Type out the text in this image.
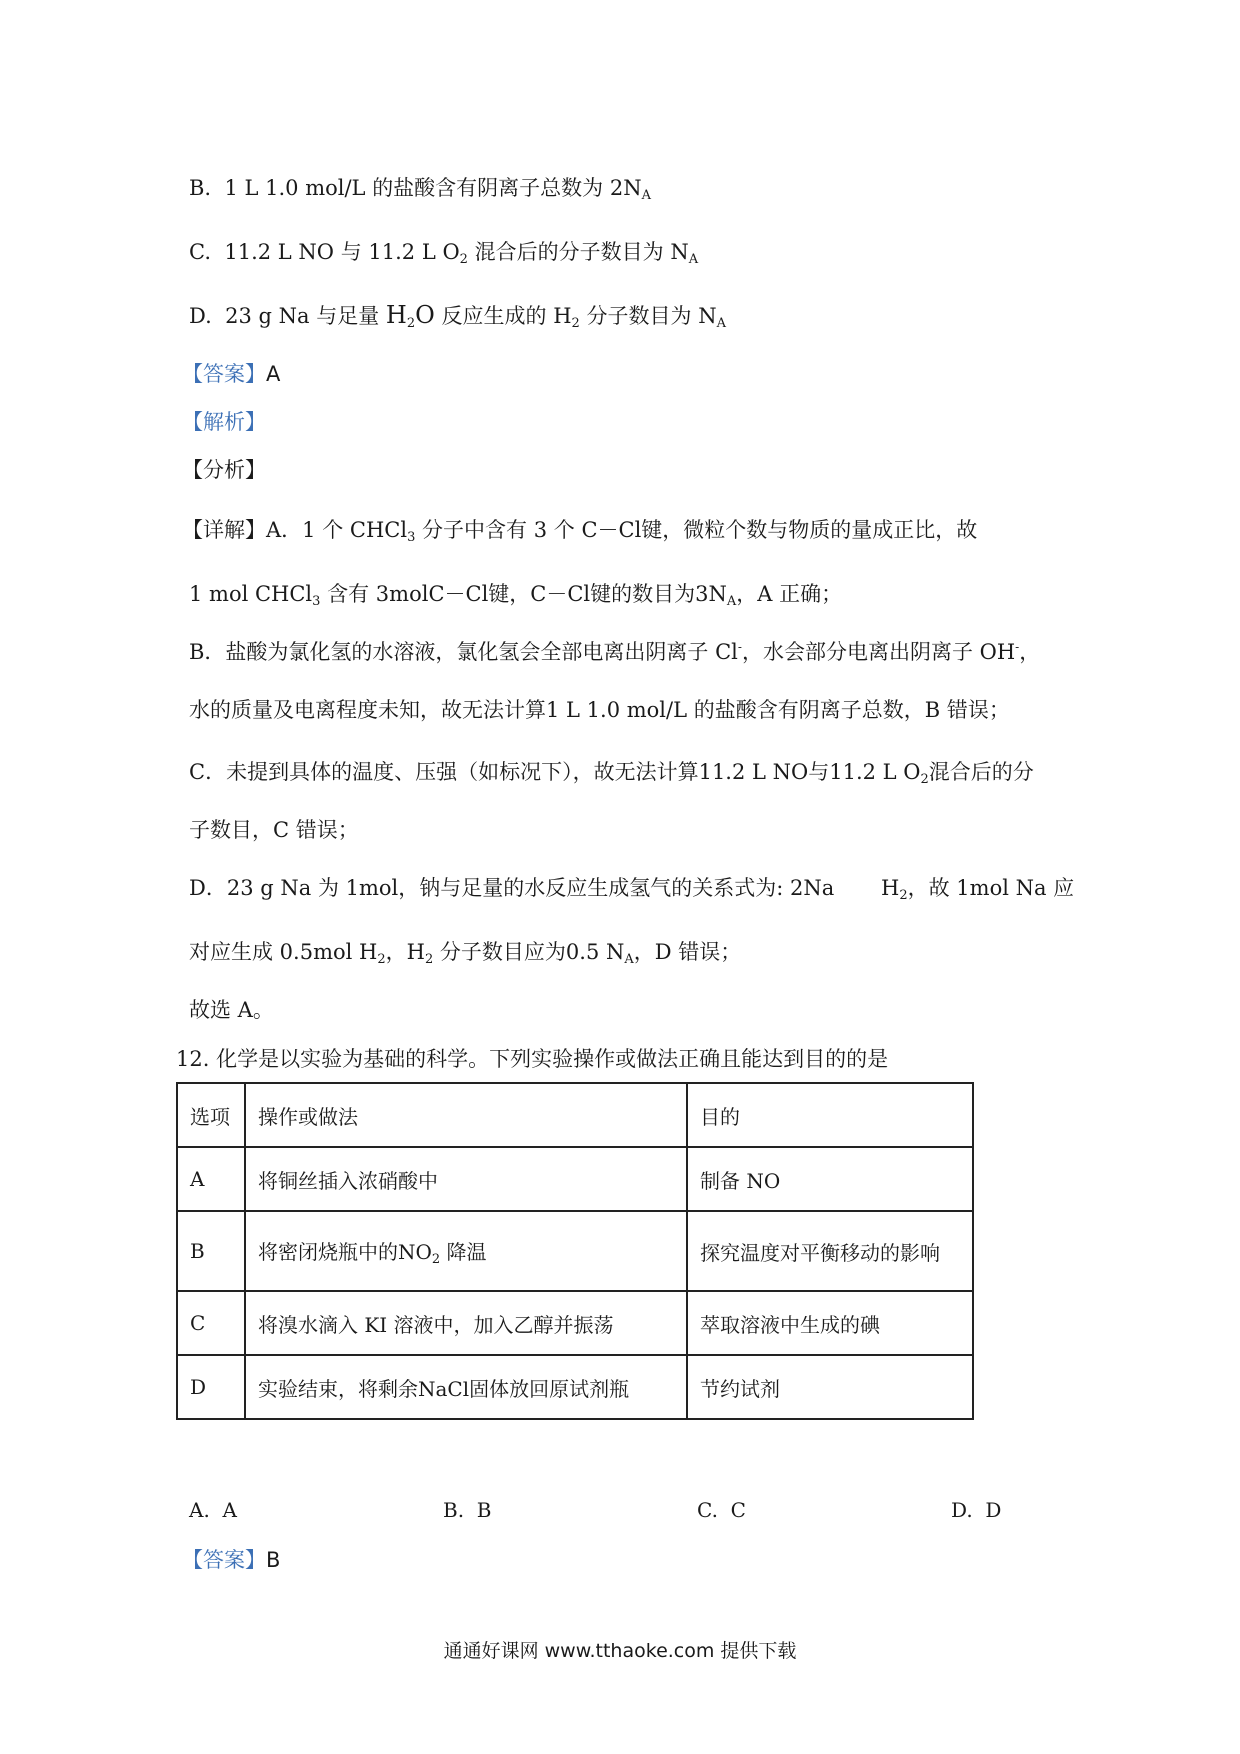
B. 1 L 1.0 mol/L 的盐酸含有阴离子总数为 $2N_A$
C. 11.2 L NO 与 11.2 L $O_2$ 混合后的分子数目为 $N_A$
D. 23 g Na 与足量 $H_2O$ 反应生成的 $H_2$ 分子数目为 $N_A$
【答案】A
【解析】
【分析】
【详解】A．1 个 CHCl$_3$ 分子中含有 3 个 C－Cl键，微粒个数与物质的量成正比，故
1 mol CHCl$_3$ 含有 3molC－Cl键，C－Cl键的数目为$3N_A$，A 正确；
B．盐酸为氯化氢的水溶液，氯化氢会全部电离出阴离子 Cl-，水会部分电离出阴离子 OH-，
水的质量及电离程度未知，故无法计算1 L 1.0 mol/L 的盐酸含有阴离子总数，B 错误；
C．未提到具体的温度、压强（如标况下），故无法计算11.2 L NO与11.2 L $O_2$混合后的分
子数目，C 错误；
D．23 g Na 为 1mol，钠与足量的水反应生成氢气的关系式为: 2Na $H_2$，故 1mol Na 应
对应生成 0.5mol $H_2$，$H_2$ 分子数目应为0.5 $N_A$，D 错误；
故选 A。
12. 化学是以实验为基础的科学。下列实验操作或做法正确且能达到目的的是
选项	操作或做法	目的
A	将铜丝插入浓硝酸中	制备 NO
B	将密闭烧瓶中的$NO_2$ 降温	探究温度对平衡移动的影响
C	将溴水滴入 KI 溶液中，加入乙醇并振荡	萃取溶液中生成的碘
D	实验结束，将剩余NaCl固体放回原试剂瓶	节约试剂
A. A	B. B	C. C	D. D
【答案】B
通通好课网 www.tthaoke.com 提供下载
